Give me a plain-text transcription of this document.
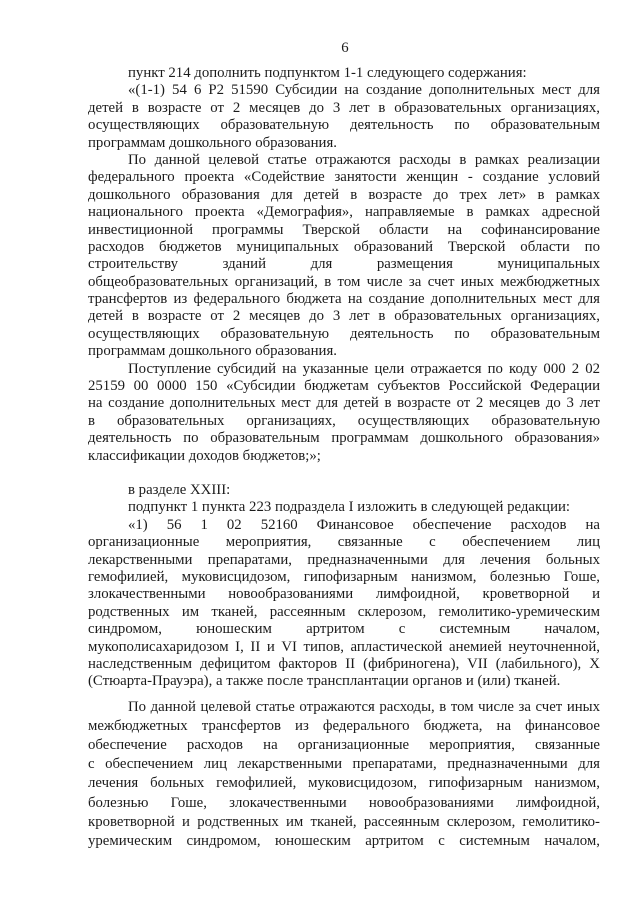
6
пункт 214 дополнить подпунктом 1-1 следующего содержания:
«(1-1) 54 6 P2 51590 Субсидии на создание дополнительных мест для
детей в возрасте от 2 месяцев до 3 лет в образовательных организациях,
осуществляющих образовательную деятельность по образовательным
программам дошкольного образования.
По данной целевой статье отражаются расходы в рамках реализации
федерального проекта «Содействие занятости женщин - создание условий
дошкольного образования для детей в возрасте до трех лет» в рамках
национального проекта «Демография», направляемые в рамках адресной
инвестиционной программы Тверской области на софинансирование
расходов бюджетов муниципальных образований Тверской области по
строительству зданий для размещения муниципальных
общеобразовательных организаций, в том числе за счет иных межбюджетных
трансфертов из федерального бюджета на создание дополнительных мест для
детей в возрасте от 2 месяцев до 3 лет в образовательных организациях,
осуществляющих образовательную деятельность по образовательным
программам дошкольного образования.
Поступление субсидий на указанные цели отражается по коду 000 2 02
25159 00 0000 150 «Субсидии бюджетам субъектов Российской Федерации
на создание дополнительных мест для детей в возрасте от 2 месяцев до 3 лет
в образовательных организациях, осуществляющих образовательную
деятельность по образовательным программам дошкольного образования»
классификации доходов бюджетов;»;
в разделе XXIII:
подпункт 1 пункта 223 подраздела I изложить в следующей редакции:
«1) 56 1 02 52160 Финансовое обеспечение расходов на
организационные мероприятия, связанные с обеспечением лиц
лекарственными препаратами, предназначенными для лечения больных
гемофилией, муковисцидозом, гипофизарным нанизмом, болезнью Гоше,
злокачественными новообразованиями лимфоидной, кроветворной и
родственных им тканей, рассеянным склерозом, гемолитико-уремическим
синдромом, юношеским артритом с системным началом,
мукополисахаридозом I, II и VI типов, апластической анемией неуточненной,
наследственным дефицитом факторов II (фибриногена), VII (лабильного), X
(Стюарта-Прауэра), а также после трансплантации органов и (или) тканей.
По данной целевой статье отражаются расходы, в том числе за счет иных
межбюджетных трансфертов из федерального бюджета, на финансовое
обеспечение расходов на организационные мероприятия, связанные
с обеспечением лиц лекарственными препаратами, предназначенными для
лечения больных гемофилией, муковисцидозом, гипофизарным нанизмом,
болезнью Гоше, злокачественными новообразованиями лимфоидной,
кроветворной и родственных им тканей, рассеянным склерозом, гемолитико-
уремическим синдромом, юношеским артритом с системным началом,
